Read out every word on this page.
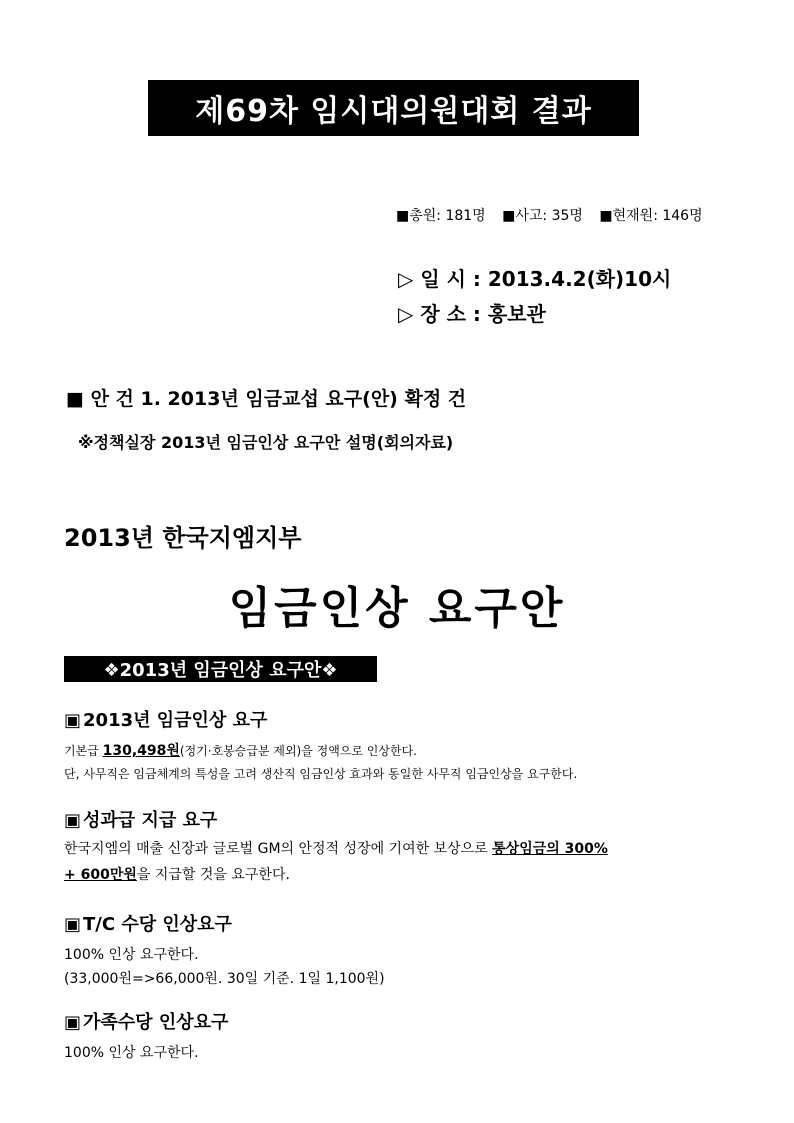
제69차 임시대의원대회 결과
■총원: 181명 ■사고: 35명 ■현재원: 146명
▷ 일 시 : 2013.4.2(화)10시
▷ 장 소 : 홍보관
■ 안 건 1. 2013년 임금교섭 요구(안) 확정 건
※정책실장 2013년 임금인상 요구안 설명(회의자료)
2013년 한국지엠지부
임금인상 요구안
❖2013년 임금인상 요구안❖
▣ 2013년 임금인상 요구
기본급 130,498원(정기·호봉승급분 제외)을 정액으로 인상한다.
단, 사무직은 임금체계의 특성을 고려 생산직 임금인상 효과와 동일한 사무직 임금인상을 요구한다.
▣ 성과급 지급 요구
한국지엠의 매출 신장과 글로벌 GM의 안정적 성장에 기여한 보상으로 통상임금의 300%
+ 600만원을 지급할 것을 요구한다.
▣ T/C 수당 인상요구
100% 인상 요구한다.
(33,000원=>66,000원. 30일 기준. 1일 1,100원)
▣ 가족수당 인상요구
100% 인상 요구한다.
